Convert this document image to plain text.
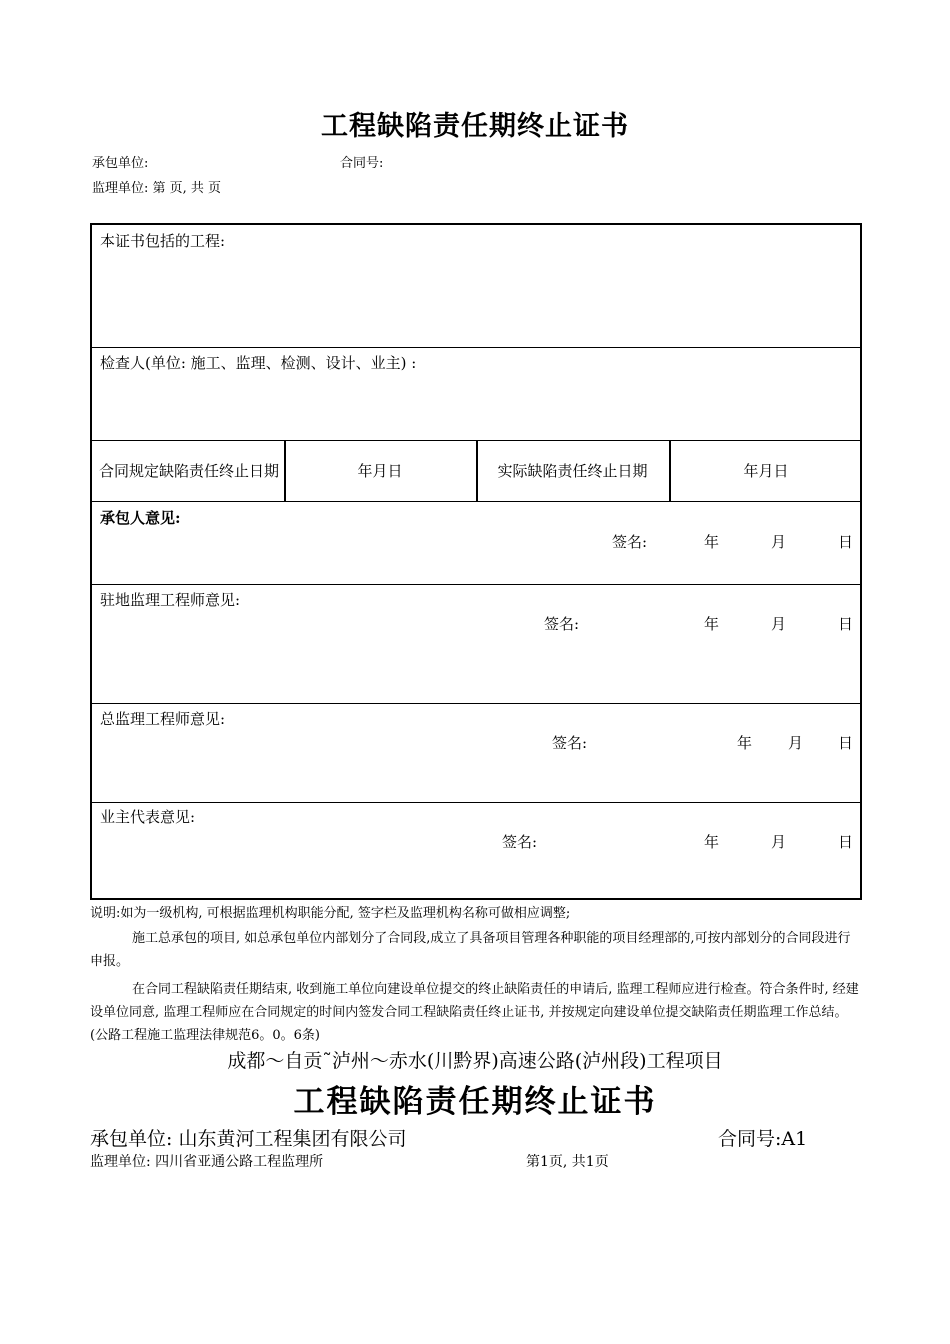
工程缺陷责任期终止证书
承包单位:	合同号:
监理单位: 第 页, 共 页
本证书包括的工程:
检查人(单位: 施工、监理、检测、设计、业主) :
合同规定缺陷责任终止日期	年月日	实际缺陷责任终止日期	年月日
承包人意见:
签名:	年	月	日
驻地监理工程师意见:
签名:	年	月	日
总监理工程师意见:
签名:	年 月 日
业主代表意见:
签名:	年	月	日
说明:如为一级机构, 可根据监理机构职能分配, 签字栏及监理机构名称可做相应调整;
施工总承包的项目, 如总承包单位内部划分了合同段,成立了具备项目管理各种职能的项目经理部的,可按内部划分的合同段进行申报。
在合同工程缺陷责任期结束, 收到施工单位向建设单位提交的终止缺陷责任的申请后, 监理工程师应进行检查。符合条件时, 经建设单位同意, 监理工程师应在合同规定的时间内签发合同工程缺陷责任终止证书, 并按规定向建设单位提交缺陷责任期监理工作总结。(公路工程施工监理法律规范6。0。6条)
成都～自贡˜泸州～赤水(川黔界)高速公路(泸州段)工程项目
工程缺陷责任期终止证书
承包单位: 山东黄河工程集团有限公司	合同号:A1
监理单位: 四川省亚通公路工程监理所	第1页, 共1页
